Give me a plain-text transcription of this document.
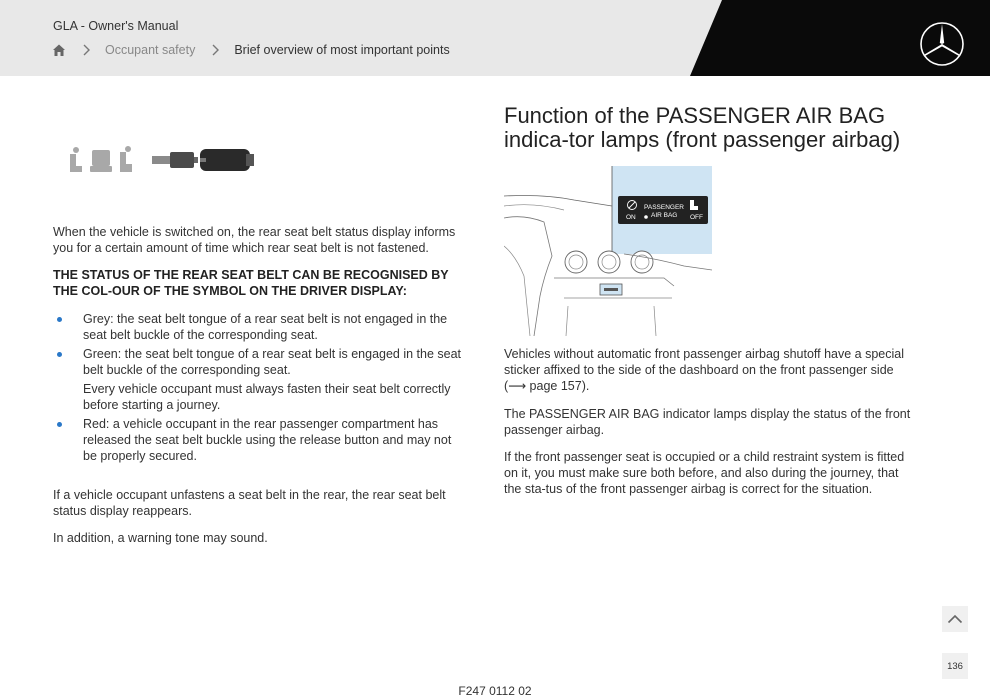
GLA - Owner's Manual
Occupant safety	Brief overview of most important points

When the vehicle is switched on, the rear seat belt status display informs you for a certain amount of time which rear seat belt is not fastened.

THE STATUS OF THE REAR SEAT BELT CAN BE RECOGNISED BY THE COL-OUR OF THE SYMBOL ON THE DRIVER DISPLAY:

Grey: the seat belt tongue of a rear seat belt is not engaged in the seat belt buckle of the corresponding seat.
Green: the seat belt tongue of a rear seat belt is engaged in the seat belt buckle of the corresponding seat.
Every vehicle occupant must always fasten their seat belt correctly before starting a journey.
Red: a vehicle occupant in the rear passenger compartment has released the seat belt buckle using the release button and may not be properly secured.

If a vehicle occupant unfastens a seat belt in the rear, the rear seat belt status display reappears.

In addition, a warning tone may sound.

Function of the PASSENGER AIR BAG indica-tor lamps (front passenger airbag)
ON
PASSENGER
AIR BAG OFF

Vehicles without automatic front passenger airbag shutoff have a special sticker affixed to the side of the dashboard on the front passenger side (⟶ page 157).

The PASSENGER AIR BAG indicator lamps display the status of the front passenger airbag.

If the front passenger seat is occupied or a child restraint system is fitted on it, you must make sure both before, and also during the journey, that the sta-tus of the front passenger airbag is correct for the situation.

136
F247 0112 02
